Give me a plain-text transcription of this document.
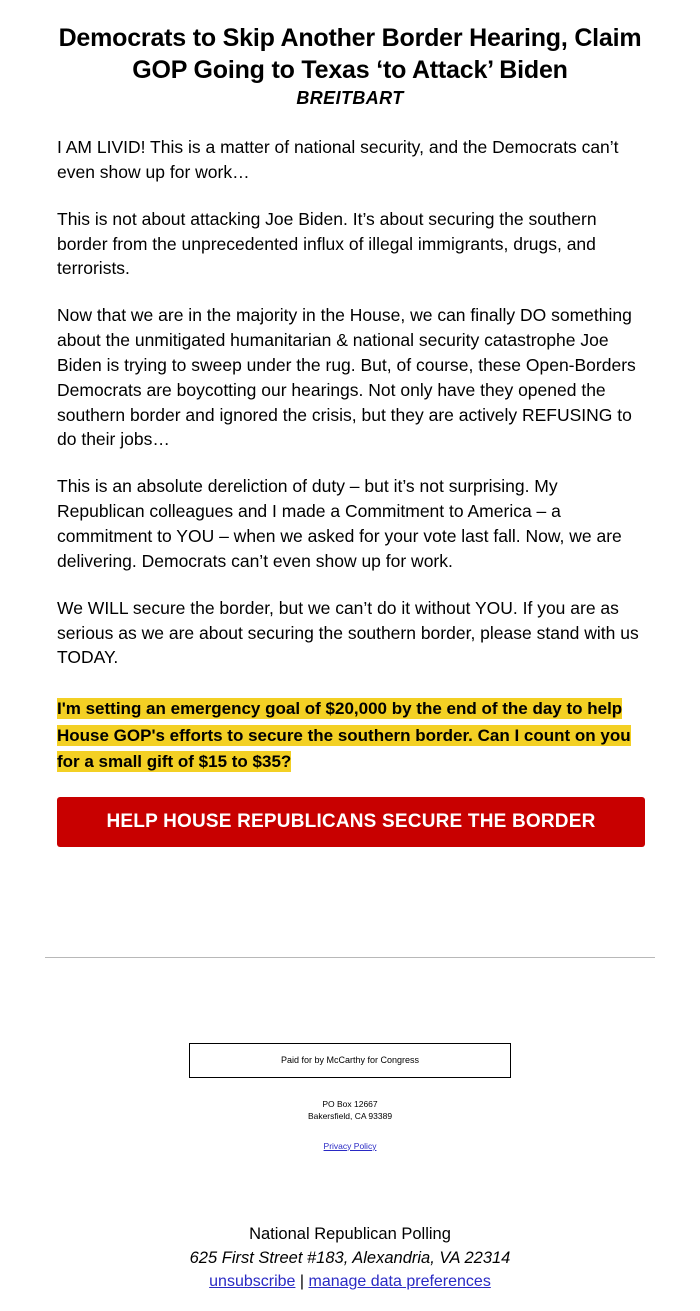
Democrats to Skip Another Border Hearing, Claim GOP Going to Texas ‘to Attack’ Biden
BREITBART

I AM LIVID! This is a matter of national security, and the Democrats can’t even show up for work…

This is not about attacking Joe Biden. It’s about securing the southern border from the unprecedented influx of illegal immigrants, drugs, and terrorists.

Now that we are in the majority in the House, we can finally DO something about the unmitigated humanitarian & national security catastrophe Joe Biden is trying to sweep under the rug. But, of course, these Open-Borders Democrats are boycotting our hearings. Not only have they opened the southern border and ignored the crisis, but they are actively REFUSING to do their jobs…

This is an absolute dereliction of duty – but it’s not surprising. My Republican colleagues and I made a Commitment to America – a commitment to YOU – when we asked for your vote last fall. Now, we are delivering. Democrats can’t even show up for work.

We WILL secure the border, but we can’t do it without YOU. If you are as serious as we are about securing the southern border, please stand with us TODAY.

I'm setting an emergency goal of $20,000 by the end of the day to help House GOP's efforts to secure the southern border. Can I count on you for a small gift of $15 to $35?

HELP HOUSE REPUBLICANS SECURE THE BORDER
Paid for by McCarthy for Congress
PO Box 12667
Bakersfield, CA 93389
Privacy Policy
National Republican Polling
625 First Street #183, Alexandria, VA 22314
unsubscribe | manage data preferences
